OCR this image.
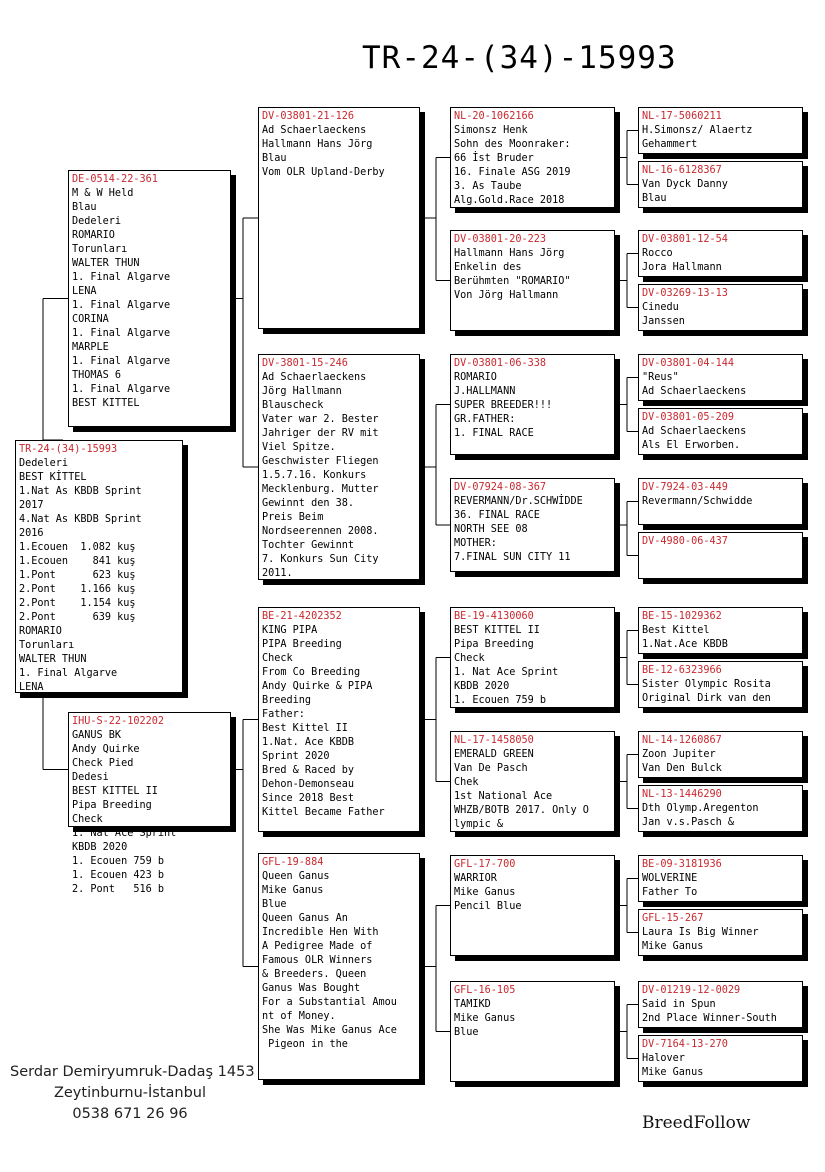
TR-24-(34)-15993
TR-24-(34)-15993
Dedeleri
BEST KİTTEL
1.Nat As KBDB Sprint
2017
4.Nat As KBDB Sprint
2016
1.Ecouen  1.082 kuş
1.Ecouen    841 kuş
1.Pont      623 kuş
2.Pont    1.166 kuş
2.Pont    1.154 kuş
2.Pont      639 kuş
ROMARIO
Torunları
WALTER THUN
1. Final Algarve
LENA
DE-0514-22-361
M & W Held
Blau
Dedeleri
ROMARIO
Torunları
WALTER THUN
1. Final Algarve
LENA
1. Final Algarve
CORINA
1. Final Algarve
MARPLE
1. Final Algarve
THOMAS 6
1. Final Algarve
BEST KITTEL
IHU-S-22-102202
GANUS BK
Andy Quirke
Check Pied
Dedesi
BEST KITTEL II
Pipa Breeding
Check
1. Nat Ace Sprint
KBDB 2020
1. Ecouen 759 b
1. Ecouen 423 b
2. Pont   516 b
DV-03801-21-126
Ad Schaerlaeckens
Hallmann Hans Jörg
Blau
Vom OLR Upland-Derby
DV-3801-15-246
Ad Schaerlaeckens
Jörg Hallmann
Blauscheck
Vater war 2. Bester
Jahriger der RV mit
Viel Spitze.
Geschwister Fliegen
1.5.7.16. Konkurs
Mecklenburg. Mutter
Gewinnt den 38.
Preis Beim
Nordseerennen 2008.
Tochter Gewinnt
7. Konkurs Sun City
2011.
BE-21-4202352
KING PIPA
PIPA Breeding
Check
From Co Breeding
Andy Quirke & PIPA
Breeding
Father:
Best Kittel II
1.Nat. Ace KBDB
Sprint 2020
Bred & Raced by
Dehon-Demonseau
Since 2018 Best
Kittel Became Father
GFL-19-884
Queen Ganus
Mike Ganus
Blue
Queen Ganus An
Incredible Hen With
A Pedigree Made of
Famous OLR Winners
& Breeders. Queen
Ganus Was Bought
For a Substantial Amou
nt of Money.
She Was Mike Ganus Ace
Pigeon in the
NL-20-1062166
Simonsz Henk
Sohn des Moonraker:
66 İst Bruder
16. Finale ASG 2019
3. As Taube
Alg.Gold.Race 2018
DV-03801-20-223
Hallmann Hans Jörg
Enkelin des
Berühmten "ROMARIO"
Von Jörg Hallmann
DV-03801-06-338
ROMARIO
J.HALLMANN
SUPER BREEDER!!!
GR.FATHER:
1. FINAL RACE
DV-07924-08-367
REVERMANN/Dr.SCHWİDDE
36. FINAL RACE
NORTH SEE 08
MOTHER:
7.FINAL SUN CITY 11
BE-19-4130060
BEST KITTEL II
Pipa Breeding
Check
1. Nat Ace Sprint
KBDB 2020
1. Ecouen 759 b
NL-17-1458050
EMERALD GREEN
Van De Pasch
Chek
1st National Ace
WHZB/BOTB 2017. Only O
lympic &
GFL-17-700
WARRIOR
Mike Ganus
Pencil Blue
GFL-16-105
TAMIKD
Mike Ganus
Blue
NL-17-5060211
H.Simonsz/ Alaertz
Gehammert
NL-16-6128367
Van Dyck Danny
Blau
DV-03801-12-54
Rocco
Jora Hallmann
DV-03269-13-13
Cinedu
Janssen
DV-03801-04-144
"Reus"
Ad Schaerlaeckens
DV-03801-05-209
Ad Schaerlaeckens
Als El Erworben.
DV-7924-03-449
Revermann/Schwidde
DV-4980-06-437
BE-15-1029362
Best Kittel
1.Nat.Ace KBDB
BE-12-6323966
Sister Olympic Rosita
Original Dirk van den
NL-14-1260867
Zoon Jupiter
Van Den Bulck
NL-13-1446290
Dth Olymp.Aregenton
Jan v.s.Pasch &
BE-09-3181936
WOLVERINE
Father To
GFL-15-267
Laura Is Big Winner
Mike Ganus
DV-01219-12-0029
Said in Spun
2nd Place Winner-South
DV-7164-13-270
Halover
Mike Ganus
Serdar Demiryumruk-Dadaş 1453
Zeytinburnu-İstanbul
0538 671 26 96	BreedFollow
